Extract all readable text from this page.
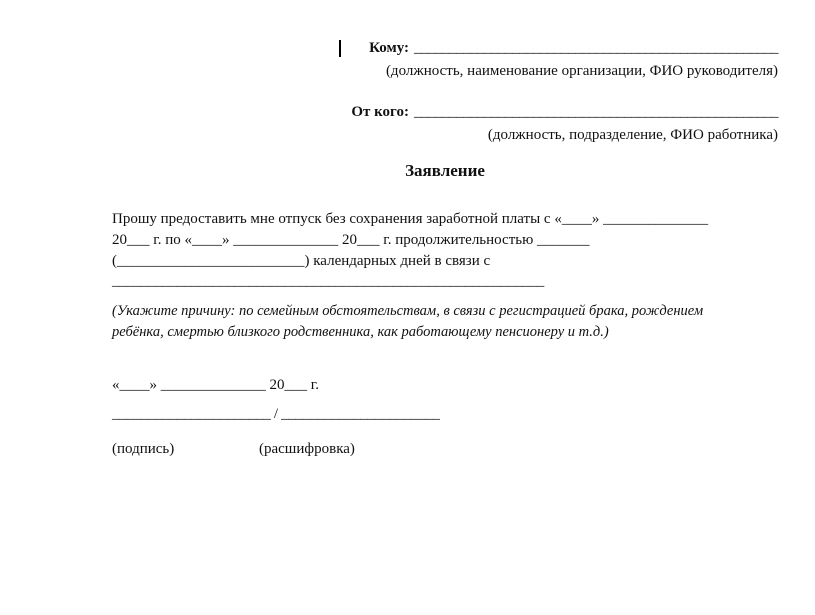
Кому: ____________________________________________________
(должность, наименование организации, ФИО руководителя)
От кого: ____________________________________________________
(должность, подразделение, ФИО работника)
Заявление
Прошу предоставить мне отпуск без сохранения заработной платы с «____» ______________
20___ г. по «____» ______________ 20___ г. продолжительностью _______
(_________________________) календарных дней в связи с
____________________________________________________________
(Укажите причину: по семейным обстоятельствам, в связи с регистрацией брака, рождением
ребёнка, смертью близкого родственника, как работающему пенсионеру и т.д.)
«____» ______________ 20___ г.
______________________ / ______________________
(подпись)	(расшифровка)
